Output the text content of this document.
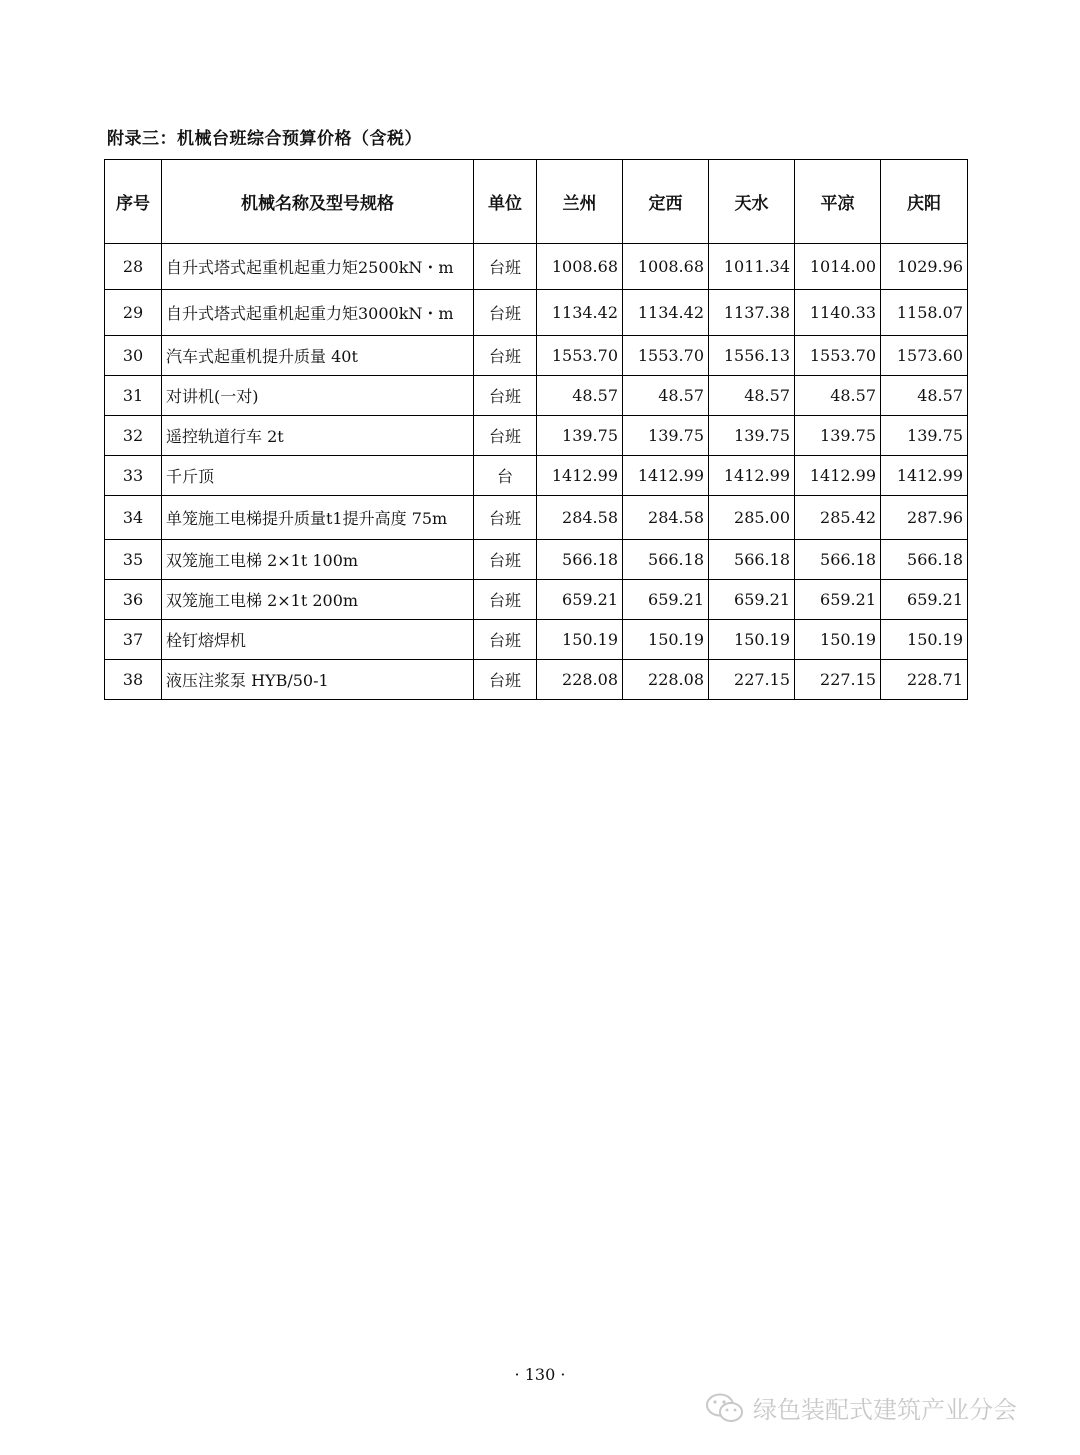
附录三：机械台班综合预算价格（含税）
序号	机械名称及型号规格	单位	兰州	定西	天水	平凉	庆阳
28	自升式塔式起重机起重力矩2500kN・m	台班	1008.68	1008.68	1011.34	1014.00	1029.96
29	自升式塔式起重机起重力矩3000kN・m	台班	1134.42	1134.42	1137.38	1140.33	1158.07
30	汽车式起重机提升质量 40t	台班	1553.70	1553.70	1556.13	1553.70	1573.60
31	对讲机(一对)	台班	48.57	48.57	48.57	48.57	48.57
32	遥控轨道行车 2t	台班	139.75	139.75	139.75	139.75	139.75
33	千斤顶	台	1412.99	1412.99	1412.99	1412.99	1412.99
34	单笼施工电梯提升质量t1提升高度 75m	台班	284.58	284.58	285.00	285.42	287.96
35	双笼施工电梯 2×1t 100m	台班	566.18	566.18	566.18	566.18	566.18
36	双笼施工电梯 2×1t 200m	台班	659.21	659.21	659.21	659.21	659.21
37	栓钉熔焊机	台班	150.19	150.19	150.19	150.19	150.19
38	液压注浆泵 HYB/50-1	台班	228.08	228.08	227.15	227.15	228.71
· 130 ·
绿色装配式建筑产业分会
